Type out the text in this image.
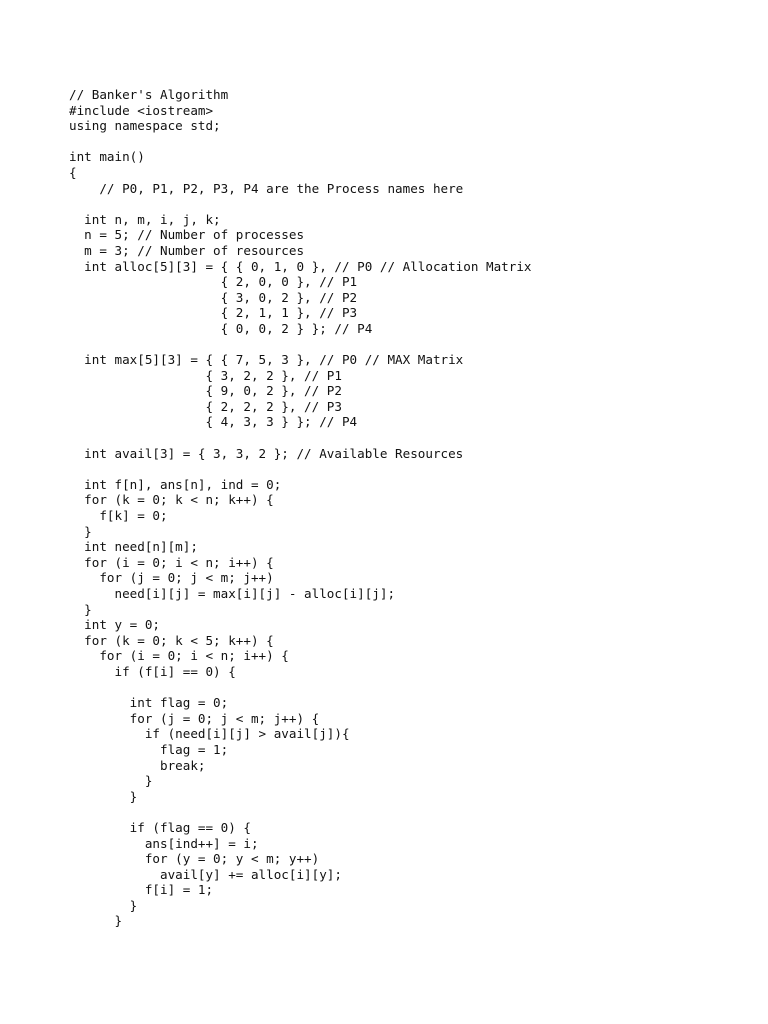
// Banker's Algorithm
#include <iostream>
using namespace std;
int main()
{
// P0, P1, P2, P3, P4 are the Process names here
int n, m, i, j, k;
n = 5; // Number of processes
m = 3; // Number of resources
int alloc[5][3] = { { 0, 1, 0 }, // P0 // Allocation Matrix
{ 2, 0, 0 }, // P1
{ 3, 0, 2 }, // P2
{ 2, 1, 1 }, // P3
{ 0, 0, 2 } }; // P4
int max[5][3] = { { 7, 5, 3 }, // P0 // MAX Matrix
{ 3, 2, 2 }, // P1
{ 9, 0, 2 }, // P2
{ 2, 2, 2 }, // P3
{ 4, 3, 3 } }; // P4
int avail[3] = { 3, 3, 2 }; // Available Resources
int f[n], ans[n], ind = 0;
for (k = 0; k < n; k++) {
f[k] = 0;
}
int need[n][m];
for (i = 0; i < n; i++) {
for (j = 0; j < m; j++)
need[i][j] = max[i][j] - alloc[i][j];
}
int y = 0;
for (k = 0; k < 5; k++) {
for (i = 0; i < n; i++) {
if (f[i] == 0) {
int flag = 0;
for (j = 0; j < m; j++) {
if (need[i][j] > avail[j]){
flag = 1;
break;
}
}
if (flag == 0) {
ans[ind++] = i;
for (y = 0; y < m; y++)
avail[y] += alloc[i][y];
f[i] = 1;
}
}
